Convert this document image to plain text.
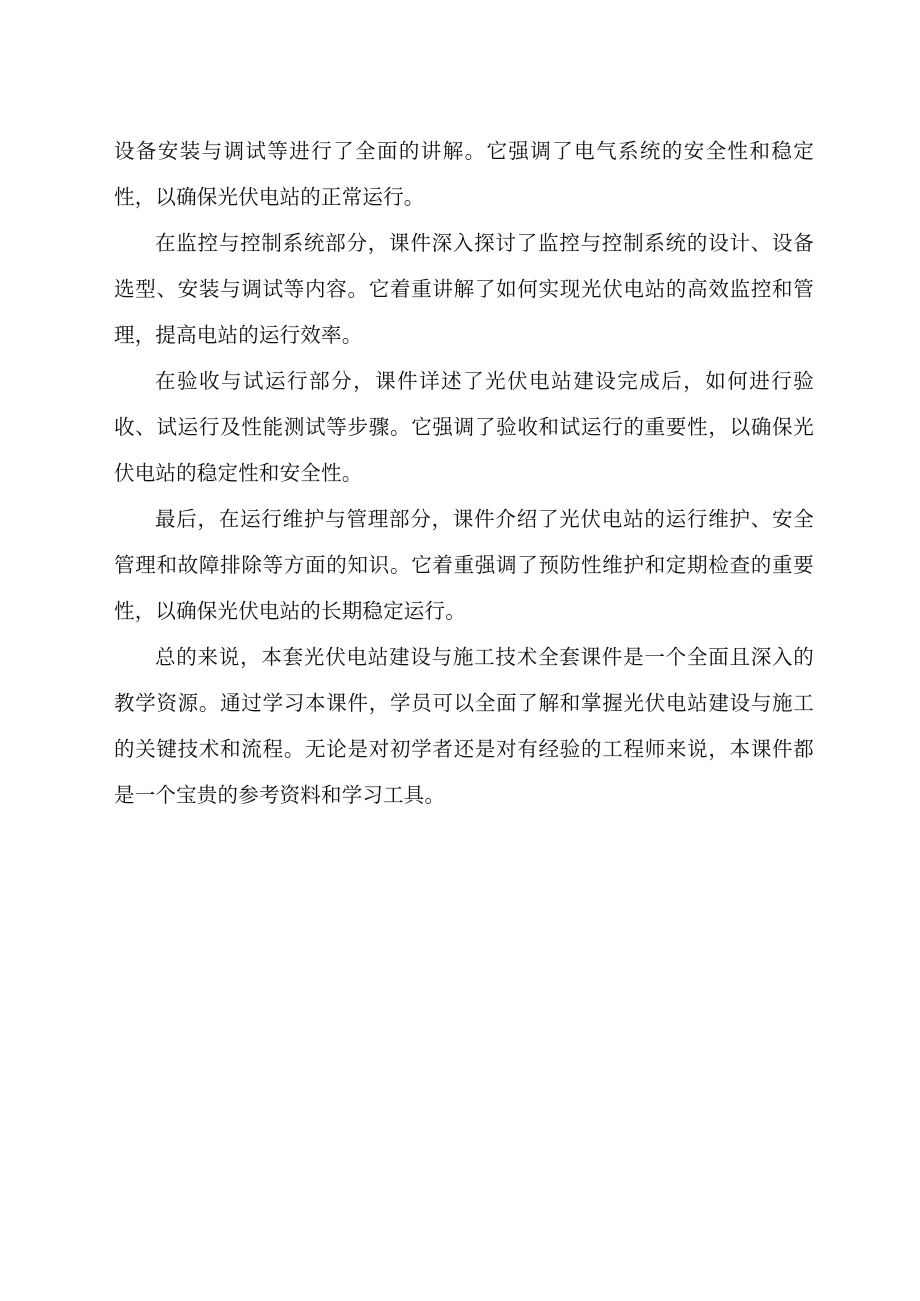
设备安装与调试等进行了全面的讲解。它强调了电气系统的安全性和稳定性，以确保光伏电站的正常运行。

在监控与控制系统部分，课件深入探讨了监控与控制系统的设计、设备选型、安装与调试等内容。它着重讲解了如何实现光伏电站的高效监控和管理，提高电站的运行效率。

在验收与试运行部分，课件详述了光伏电站建设完成后，如何进行验收、试运行及性能测试等步骤。它强调了验收和试运行的重要性，以确保光伏电站的稳定性和安全性。

最后，在运行维护与管理部分，课件介绍了光伏电站的运行维护、安全管理和故障排除等方面的知识。它着重强调了预防性维护和定期检查的重要性，以确保光伏电站的长期稳定运行。

总的来说，本套光伏电站建设与施工技术全套课件是一个全面且深入的教学资源。通过学习本课件，学员可以全面了解和掌握光伏电站建设与施工的关键技术和流程。无论是对初学者还是对有经验的工程师来说，本课件都是一个宝贵的参考资料和学习工具。
